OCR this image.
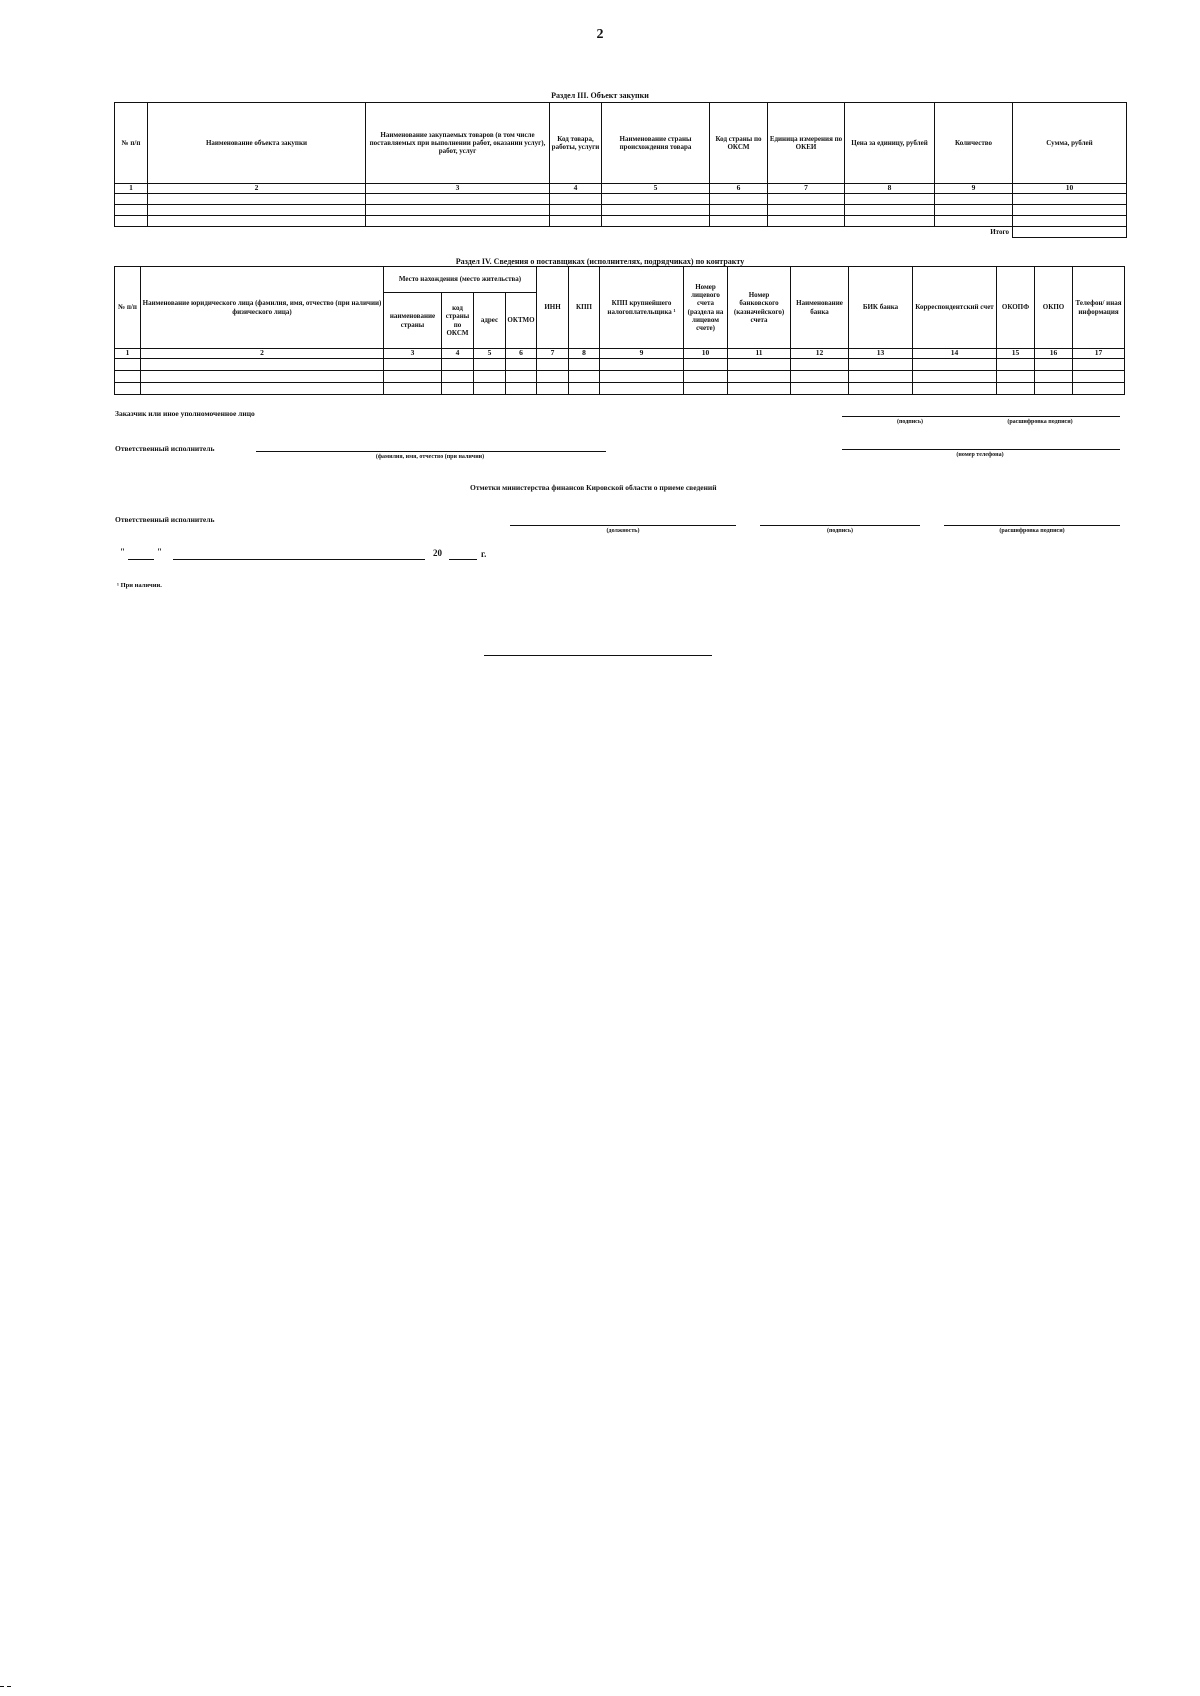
2
Раздел III. Объект закупки
№ п/п	Наименование объекта закупки	Наименование закупаемых товаров (в том числе поставляемых при выполнении работ, оказании услуг), работ, услуг	Код товара, работы, услуги	Наименование страны происхождения товара	Код страны по ОКСМ	Единица измерения по ОКЕИ	Цена за единицу, рублей	Количество	Сумма, рублей
1	2	3	4	5	6	7	8	9	10

Итого									
Раздел IV. Сведения о поставщиках (исполнителях, подрядчиках) по контракту
№ п/п	Наименование юридического лица (фамилия, имя, отчество (при наличии) физического лица)	Место нахождения (место жительства)				ИНН	КПП	КПП крупнейшего налогоплательщика ¹	Номер лицевого счета (раздела на лицевом счете)	Номер банковского (казначейского) счета	Наименование банка	БИК банка	Корреспондентский счет	ОКОПФ	ОКПО	Телефон/ иная информация
		наименование страны	код страны по ОКСМ	адрес	ОКТМО											
1	2	3	4	5	6	7	8	9	10	11	12	13	14	15	16	17

Заказчик или иное уполномоченное лицо
(подпись)	(расшифровка подписи)
Ответственный исполнитель
(фамилия, имя, отчество (при наличии)	(номер телефона)
Отметки министерства финансов Кировской области о приеме сведений
Ответственный исполнитель
(должность)	(подпись)	(расшифровка подписи)
"	"	20	г.
¹ При наличии.
